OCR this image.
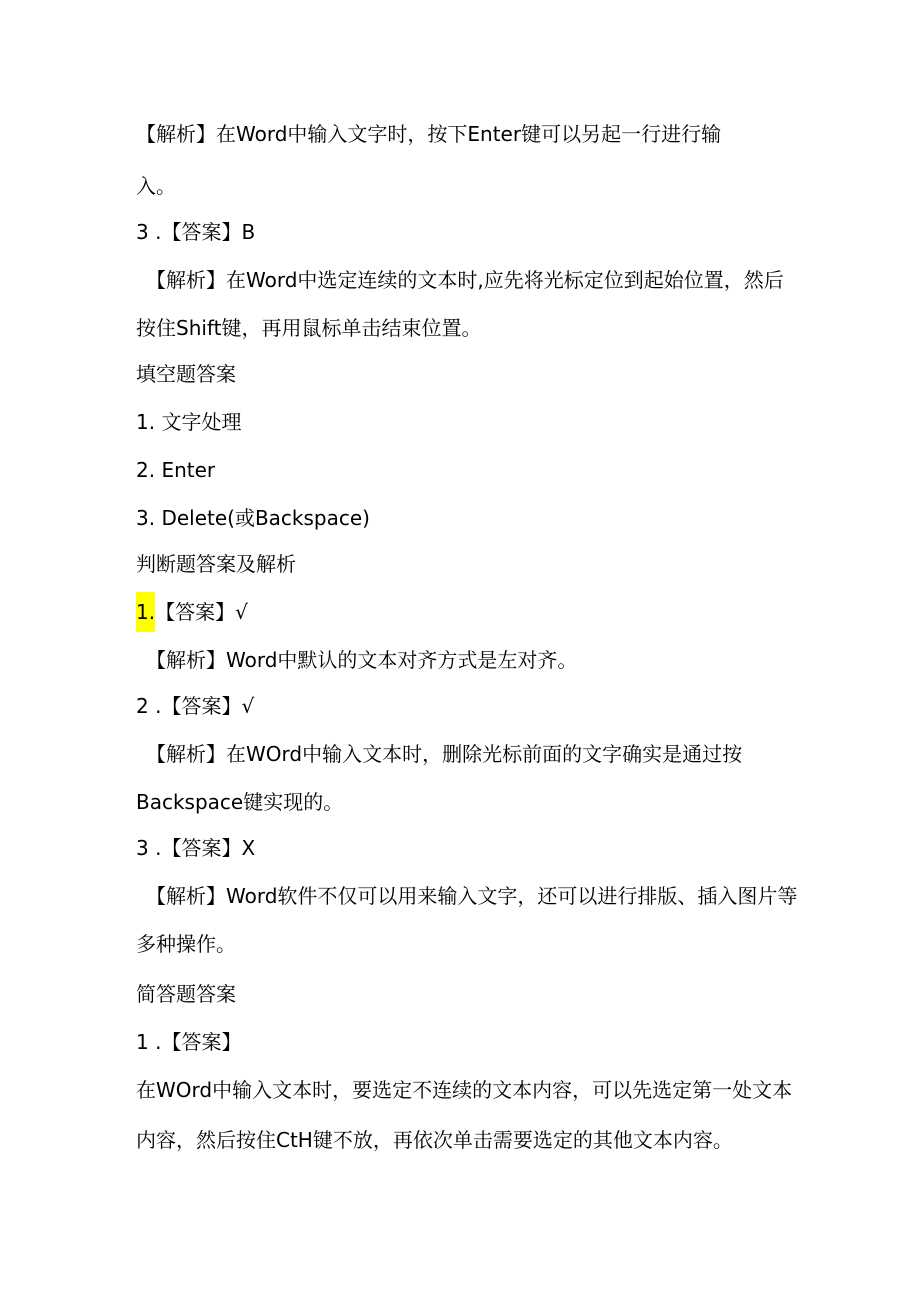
【解析】在Word中输入文字时，按下Enter键可以另起一行进行输
入。
3 .【答案】B
【解析】在Word中选定连续的文本时,应先将光标定位到起始位置，然后
按住Shift键，再用鼠标单击结束位置。
填空题答案
1. 文字处理
2. Enter
3. Delete(或Backspace)
判断题答案及解析
1.【答案】√
【解析】Word中默认的文本对齐方式是左对齐。
2 .【答案】√
【解析】在WOrd中输入文本时，删除光标前面的文字确实是通过按
Backspace键实现的。
3 .【答案】X
【解析】Word软件不仅可以用来输入文字，还可以进行排版、插入图片等
多种操作。
简答题答案
1 .【答案】
在WOrd中输入文本时，要选定不连续的文本内容，可以先选定第一处文本
内容，然后按住CtH键不放，再依次单击需要选定的其他文本内容。
